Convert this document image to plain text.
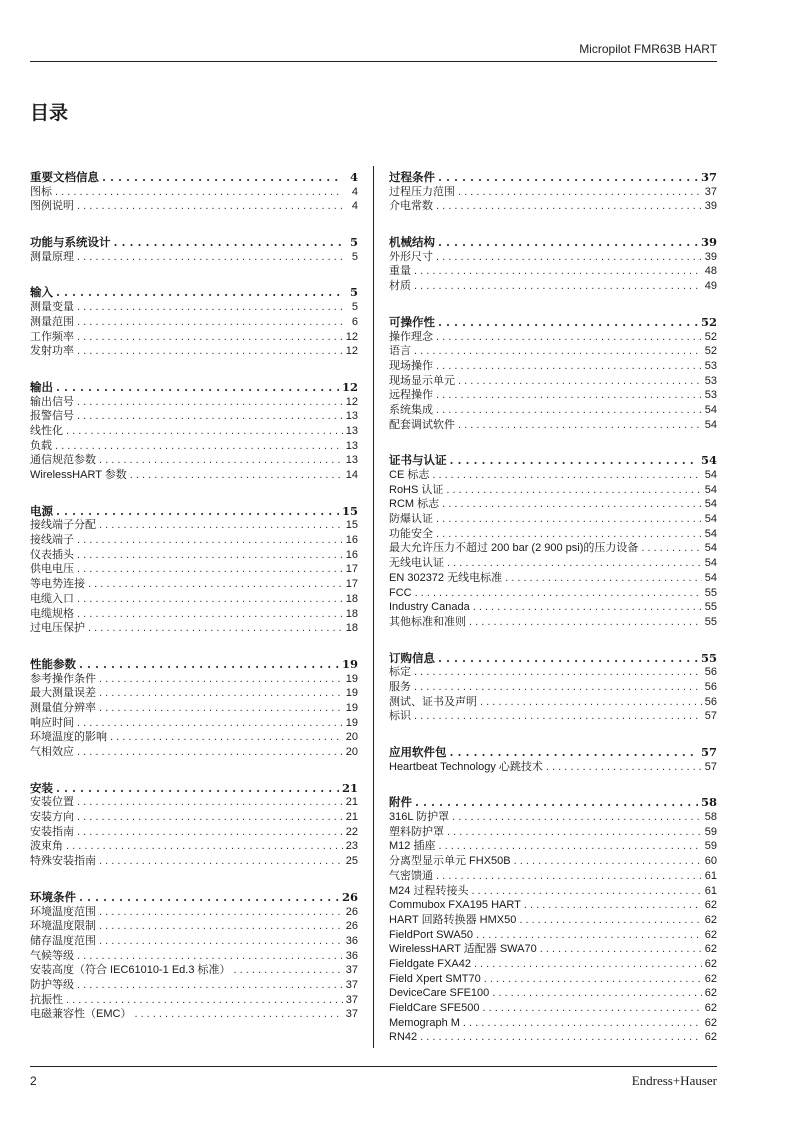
Micropilot FMR63B HART
目录
重要文档信息 . . .	4
图标 . . .	4
图例说明 . . .	4
功能与系统设计 . . .	5
测量原理 . . .	5
输入 . . .	5
测量变量 . . .	5
测量范围 . . .	6
工作频率 . . .	12
发射功率 . . .	12
输出 . . .	12
输出信号 . . .	12
报警信号 . . .	13
线性化 . . .	13
负载 . . .	13
通信规范参数 . . .	13
WirelessHART 参数 . . .	14
电源 . . .	15
接线端子分配 . . .	15
接线端子 . . .	16
仪表插头 . . .	16
供电电压 . . .	17
等电势连接 . . .	17
电缆入口 . . .	18
电缆规格 . . .	18
过电压保护 . . .	18
性能参数 . . .	19
参考操作条件 . . .	19
最大测量误差 . . .	19
测量值分辨率 . . .	19
响应时间 . . .	19
环境温度的影响 . . .	20
气相效应 . . .	20
安装 . . .	21
安装位置 . . .	21
安装方向 . . .	21
安装指南 . . .	22
波束角 . . .	23
特殊安装指南 . . .	25
环境条件 . . .	26
环境温度范围 . . .	26
环境温度限制 . . .	26
储存温度范围 . . .	36
气候等级 . . .	36
安装高度（符合 IEC61010-1 Ed.3 标准） . . .	37
防护等级 . . .	37
抗振性 . . .	37
电磁兼容性（EMC） . . .	37
过程条件 . . .	37
过程压力范围 . . .	37
介电常数 . . .	39
机械结构 . . .	39
外形尺寸 . . .	39
重量 . . .	48
材质 . . .	49
可操作性 . . .	52
操作理念 . . .	52
语言 . . .	52
现场操作 . . .	53
现场显示单元 . . .	53
远程操作 . . .	53
系统集成 . . .	54
配套调试软件 . . .	54
证书与认证 . . .	54
CE 标志 . . .	54
RoHS 认证 . . .	54
RCM 标志 . . .	54
防爆认证 . . .	54
功能安全 . . .	54
最大允许压力不超过 200 bar (2 900 psi)的压力设备 . . .	54
无线电认证 . . .	54
EN 302372 无线电标准 . . .	54
FCC . . .	55
Industry Canada . . .	55
其他标准和准则 . . .	55
订购信息 . . .	55
标定 . . .	56
服务 . . .	56
测试、证书及声明 . . .	56
标识 . . .	57
应用软件包 . . .	57
Heartbeat Technology 心跳技术 . . .	57
附件 . . .	58
316L 防护罩 . . .	58
塑料防护罩 . . .	59
M12 插座 . . .	59
分离型显示单元 FHX50B . . .	60
气密馈通 . . .	61
M24 过程转接头 . . .	61
Commubox FXA195 HART . . .	62
HART 回路转换器 HMX50 . . .	62
FieldPort SWA50 . . .	62
WirelessHART 适配器 SWA70 . . .	62
Fieldgate FXA42 . . .	62
Field Xpert SMT70 . . .	62
DeviceCare SFE100 . . .	62
FieldCare SFE500 . . .	62
Memograph M . . .	62
RN42 . . .	62
2	Endress+Hauser
